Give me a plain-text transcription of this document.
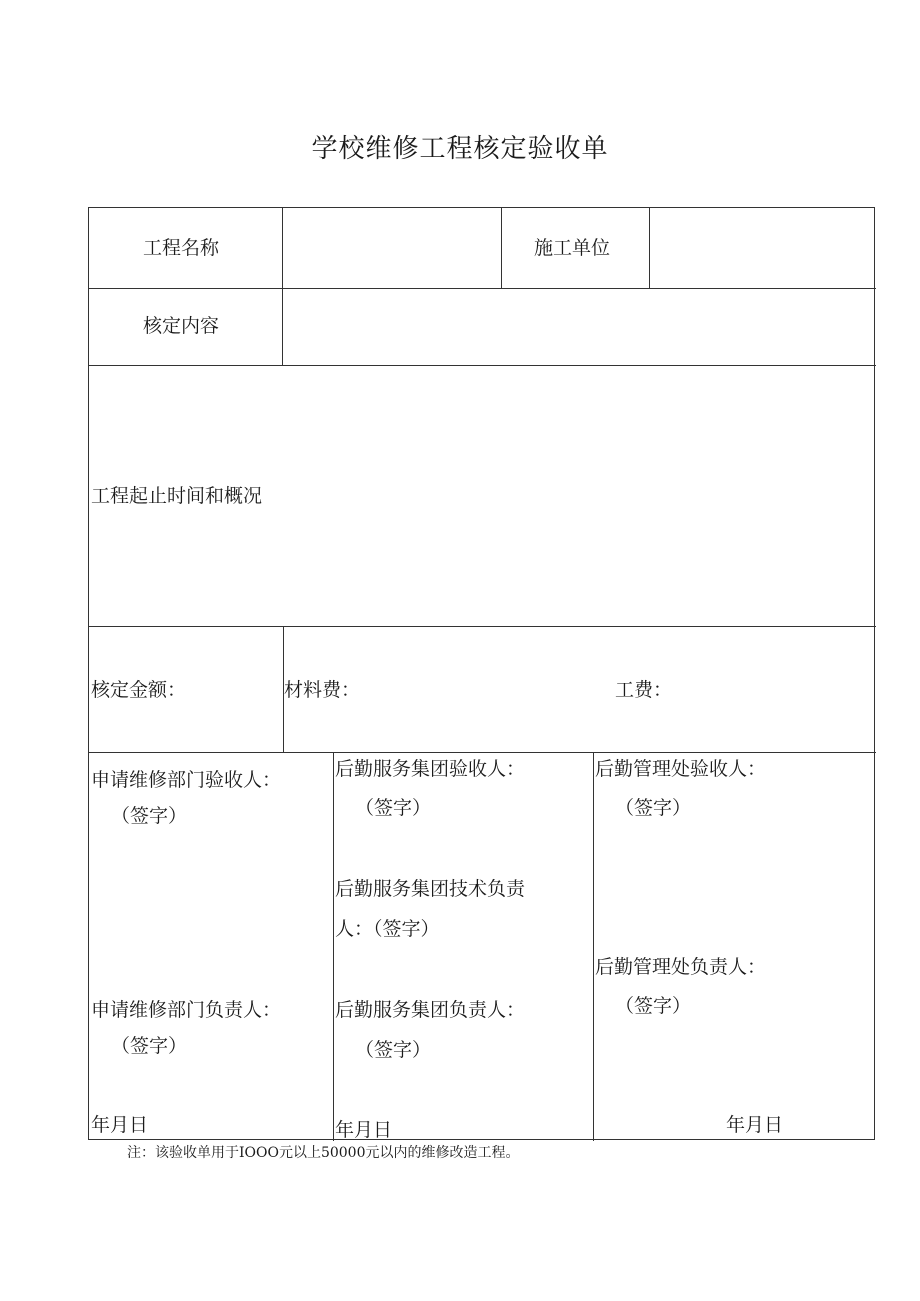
学校维修工程核定验收单
工程名称	施工单位
核定内容
工程起止时间和概况
核定金额：	材料费：	工费：
申请维修部门验收人：
（签字）
申请维修部门负责人：
（签字）
年月日
后勤服务集团验收人：
（签字）
后勤服务集团技术负责
人：（签字）
后勤服务集团负责人：
（签字）
年月日
后勤管理处验收人：
（签字）
后勤管理处负责人：
（签字）
年月日
注：该验收单用于IOOO元以上50000元以内的维修改造工程。
